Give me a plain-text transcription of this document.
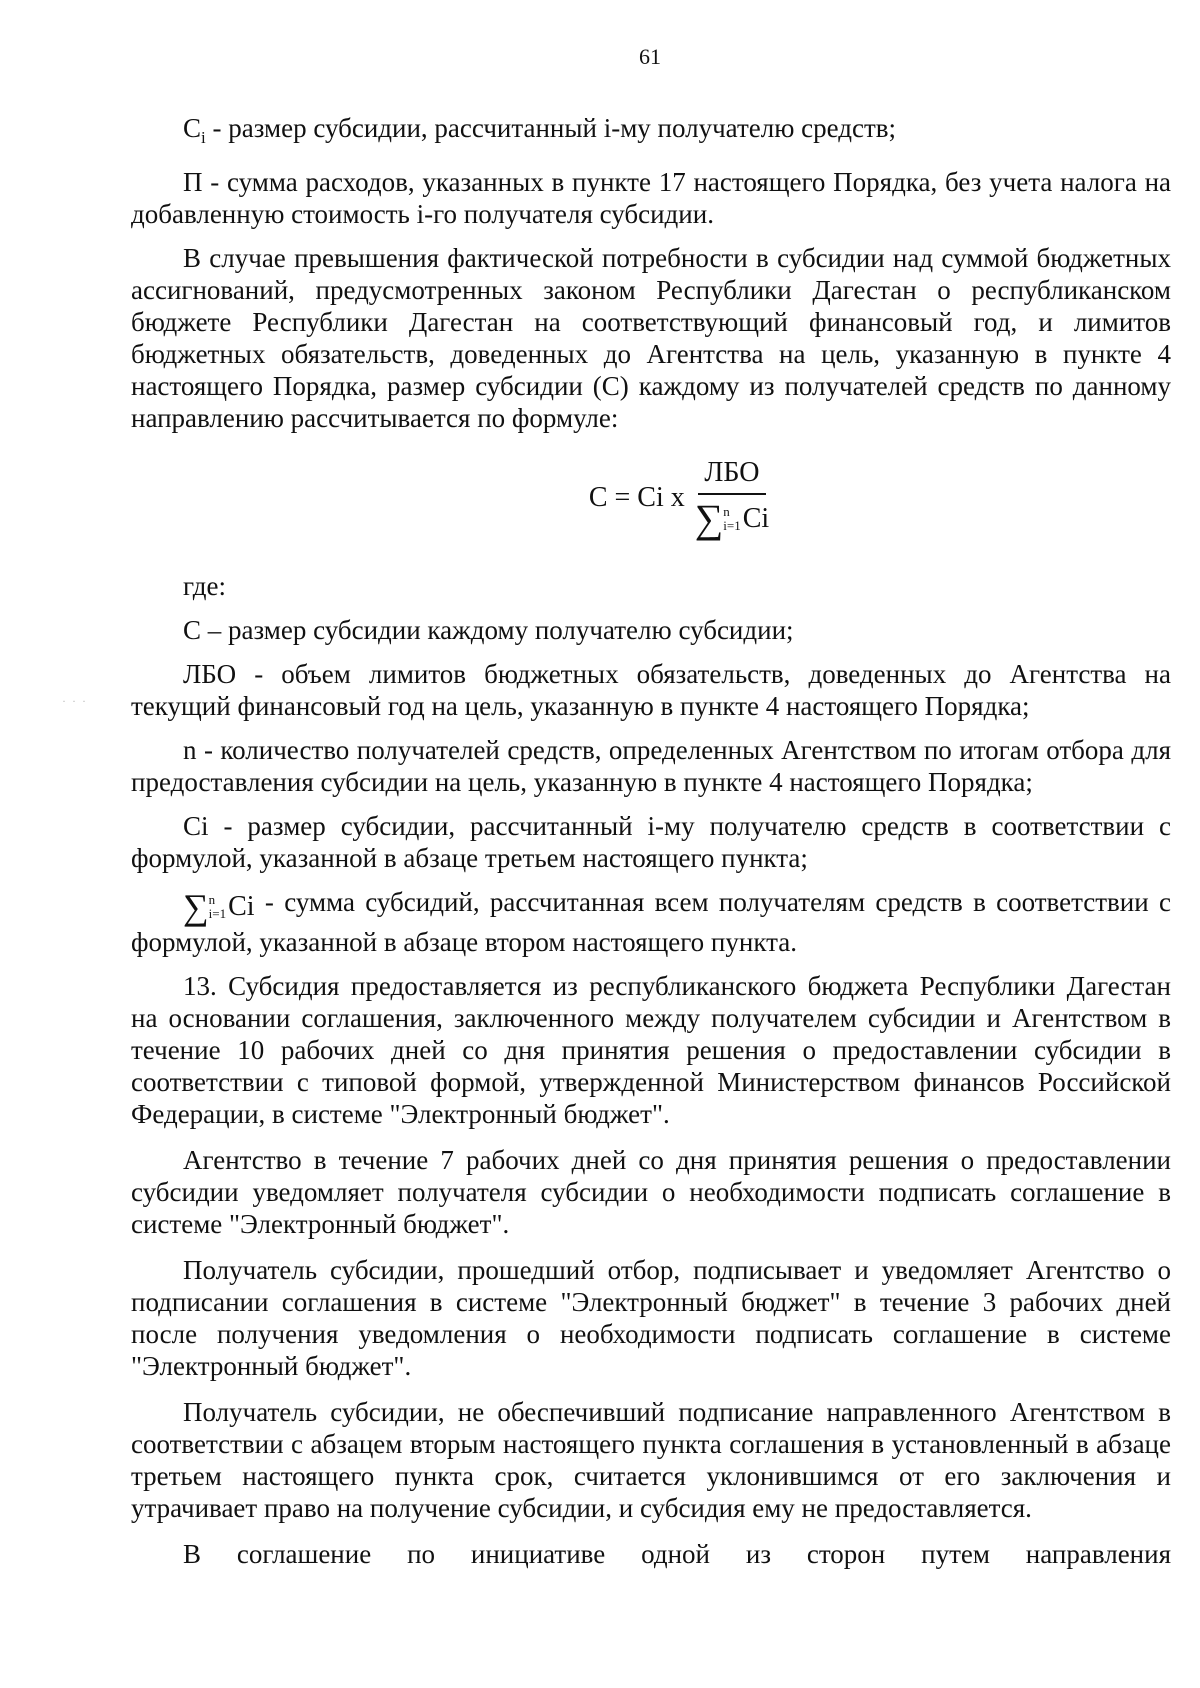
61

$C_i$ - размер субсидии, рассчитанный i-му получателю средств;

П - сумма расходов, указанных в пункте 17 настоящего Порядка, без учета налога на добавленную стоимость i-го получателя субсидии.

В случае превышения фактической потребности в субсидии над суммой бюджетных ассигнований, предусмотренных законом Республики Дагестан о республиканском бюджете Республики Дагестан на соответствующий финансовый год, и лимитов бюджетных обязательств, доведенных до Агентства на цель, указанную в пункте 4 настоящего Порядка, размер субсидии (С) каждому из получателей средств по данному направлению рассчитывается по формуле:

С = Ci x
ЛБО
∑ n
i=1 Ci

где:

С – размер субсидии каждому получателю субсидии;

ЛБО - объем лимитов бюджетных обязательств, доведенных до Агентства на текущий финансовый год на цель, указанную в пункте 4 настоящего Порядка;

n - количество получателей средств, определенных Агентством по итогам отбора для предоставления субсидии на цель, указанную в пункте 4 настоящего Порядка;

Ci - размер субсидии, рассчитанный i-му получателю средств в соответствии с формулой, указанной в абзаце третьем настоящего пункта;

∑ n
i=1 Ci - сумма субсидий, рассчитанная всем получателям средств в соответствии с формулой, указанной в абзаце втором настоящего пункта.

13. Субсидия предоставляется из республиканского бюджета Республики Дагестан на основании соглашения, заключенного между получателем субсидии и Агентством в течение 10 рабочих дней со дня принятия решения о предоставлении субсидии в соответствии с типовой формой, утвержденной Министерством финансов Российской Федерации, в системе "Электронный бюджет".

Агентство в течение 7 рабочих дней со дня принятия решения о предоставлении субсидии уведомляет получателя субсидии о необходимости подписать соглашение в системе "Электронный бюджет".

Получатель субсидии, прошедший отбор, подписывает и уведомляет Агентство о подписании соглашения в системе "Электронный бюджет" в течение 3 рабочих дней после получения уведомления о необходимости подписать соглашение в системе "Электронный бюджет".

Получатель субсидии, не обеспечивший подписание направленного Агентством в соответствии с абзацем вторым настоящего пункта соглашения в установленный в абзаце третьем настоящего пункта срок, считается уклонившимся от его заключения и утрачивает право на получение субсидии, и субсидия ему не предоставляется.

В соглашение по инициативе одной из сторон путем направления

·  ·  ·
